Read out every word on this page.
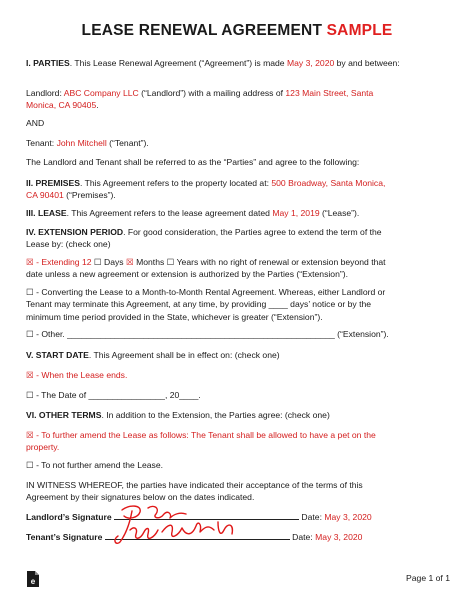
LEASE RENEWAL AGREEMENT SAMPLE
I. PARTIES. This Lease Renewal Agreement (“Agreement”) is made May 3, 2020 by and between:
Landlord: ABC Company LLC (“Landlord”) with a mailing address of 123 Main Street, Santa
Monica, CA 90405.
AND
Tenant: John Mitchell (“Tenant”).
The Landlord and Tenant shall be referred to as the “Parties” and agree to the following:
II. PREMISES. This Agreement refers to the property located at: 500 Broadway, Santa Monica,
CA 90401 (“Premises”).
III. LEASE. This Agreement refers to the lease agreement dated May 1, 2019 (“Lease”).
IV. EXTENSION PERIOD. For good consideration, the Parties agree to extend the term of the
Lease by: (check one)
☒ - Extending 12 ☐ Days ☒ Months ☐ Years with no right of renewal or extension beyond that
date unless a new agreement or extension is authorized by the Parties (“Extension”).
☐ - Converting the Lease to a Month-to-Month Rental Agreement. Whereas, either Landlord or
Tenant may terminate this Agreement, at any time, by providing ____ days’ notice or by the
minimum time period provided in the State, whichever is greater (“Extension”).
☐ - Other. ________________________________________________________ (“Extension”).
V. START DATE. This Agreement shall be in effect on: (check one)
☒ - When the Lease ends.
☐ - The Date of ________________, 20____.
VI. OTHER TERMS. In addition to the Extension, the Parties agree: (check one)
☒ - To further amend the Lease as follows: The Tenant shall be allowed to have a pet on the
property.
☐ - To not further amend the Lease.
IN WITNESS WHEREOF, the parties have indicated their acceptance of the terms of this
Agreement by their signatures below on the dates indicated.
Landlord’s Signature	Date: May 3, 2020
Tenant’s Signature	Date: May 3, 2020
e	Page 1 of 1
